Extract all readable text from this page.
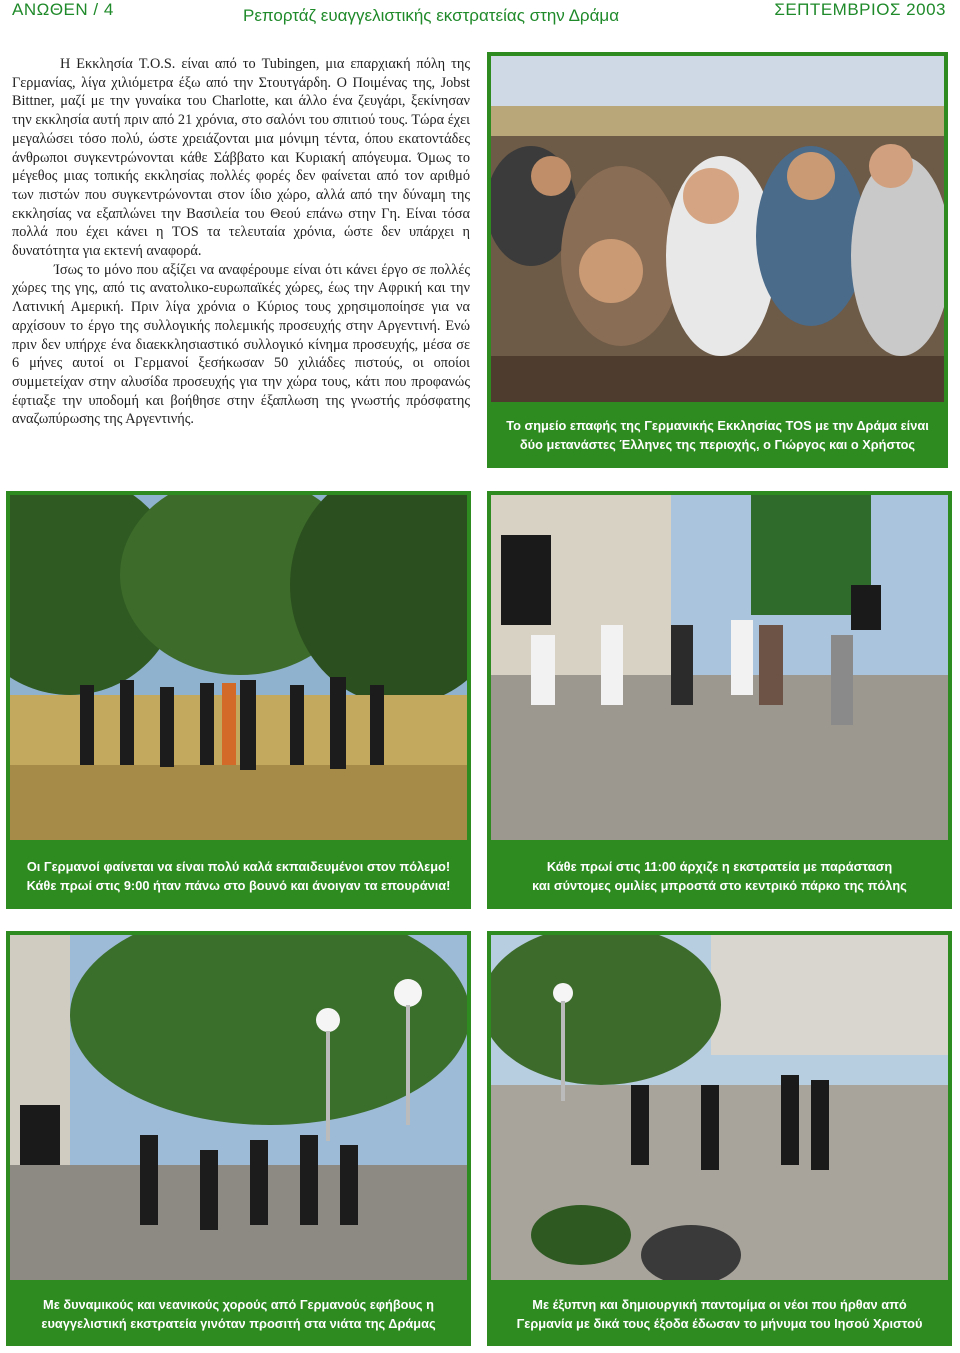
ΑΝΩΘΕΝ / 4	Ρεπορτάζ ευαγγελιστικής εκστρατείας στην Δράμα	ΣΕΠΤΕΜΒΡΙΟΣ 2003

Η Εκκλησία T.O.S. είναι από το Tubingen, μια επαρχιακή πόλη της Γερμανίας, λίγα χιλιόμετρα έξω από την Στουτγάρδη. Ο Ποιμένας της, Jobst Bittner, μαζί με την γυναίκα του Charlotte, και άλλο ένα ζευγάρι, ξεκίνησαν την εκκλησία αυτή πριν από 21 χρόνια, στο σαλόνι του σπιτιού τους. Τώρα έχει μεγαλώσει τόσο πολύ, ώστε χρειάζονται μια μόνιμη τέντα, όπου εκατοντάδες άνθρωποι συγκεντρώνονται κάθε Σάββατο και Κυριακή απόγευμα. Όμως το μέγεθος μιας τοπικής εκκλησίας πολλές φορές δεν φαίνεται από τον αριθμό των πιστών που συγκεντρώνονται στον ίδιο χώρο, αλλά από την δύναμη της εκκλησίας να εξαπλώνει την Βασιλεία του Θεού επάνω στην Γη. Είναι τόσα πολλά που έχει κάνει η TOS τα τελευταία χρόνια, ώστε δεν υπάρχει η δυνατότητα για εκτενή αναφορά.

Ίσως το μόνο που αξίζει να αναφέρουμε είναι ότι κάνει έργο σε πολλές χώρες της γης, από τις ανατολικο-ευρωπαϊκές χώρες, έως την Αφρική και την Λατινική Αμερική. Πριν λίγα χρόνια ο Κύριος τους χρησιμοποίησε για να αρχίσουν το έργο της συλλογικής πολεμικής προσευχής στην Αργεντινή. Ενώ πριν δεν υπήρχε ένα διαεκκλησιαστικό συλλογικό κίνημα προσευχής, μέσα σε 6 μήνες αυτοί οι Γερμανοί ξεσήκωσαν 50 χιλιάδες πιστούς, οι οποίοι συμμετείχαν στην αλυσίδα προσευχής για την χώρα τους, κάτι που προφανώς έφτιαξε την υποδομή και βοήθησε στην έξαπλωση της γνωστής πρόσφατης αναζωπύρωσης της Αργεντινής.	Το σημείο επαφής της Γερμανικής Εκκλησίας TOS με την Δράμα είναι
δύο μετανάστες Έλληνες της περιοχής, ο Γιώργος και ο Χρήστος
Οι Γερμανοί φαίνεται να είναι πολύ καλά εκπαιδευμένοι στον πόλεμο!
Κάθε πρωί στις 9:00 ήταν πάνω στο βουνό και άνοιγαν τα επουράνια!
Κάθε πρωί στις 11:00 άρχιζε η εκστρατεία με παράσταση
και σύντομες ομιλίες μπροστά στο κεντρικό πάρκο της πόλης
Με δυναμικούς και νεανικούς χορούς από Γερμανούς εφήβους η
ευαγγελιστική εκστρατεία γινόταν προσιτή στα νιάτα της Δράμας
Με έξυπνη και δημιουργική παντομίμα οι νέοι που ήρθαν από
Γερμανία με δικά τους έξοδα έδωσαν το μήνυμα του Ιησού Χριστού
